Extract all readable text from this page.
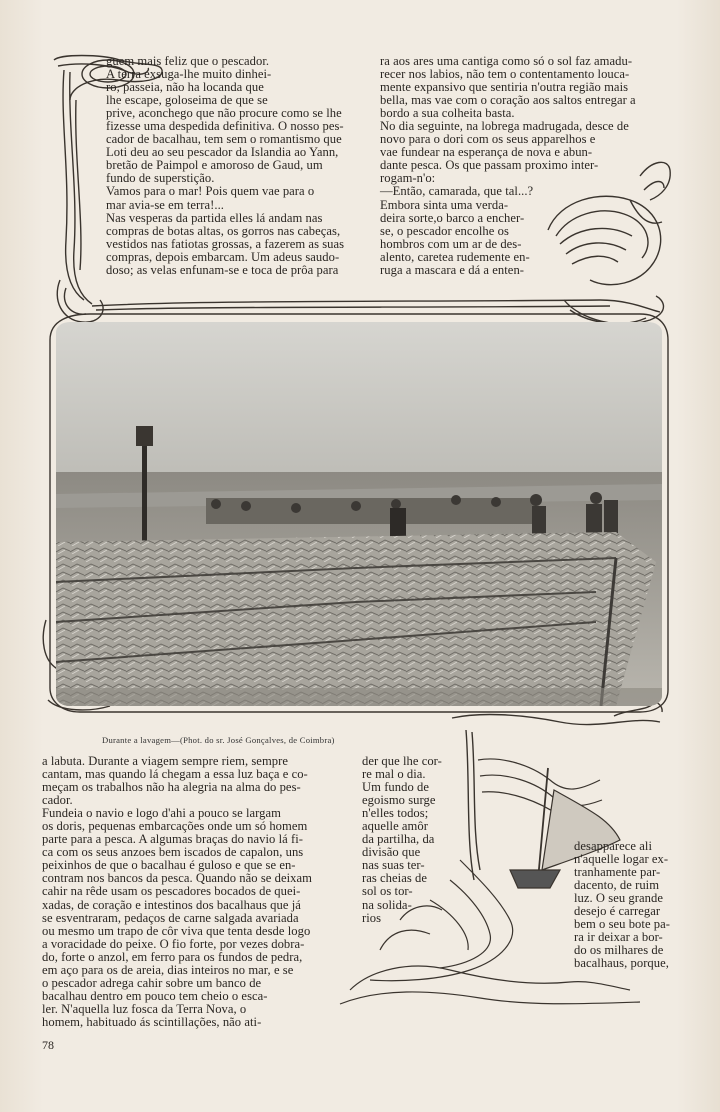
guem mais feliz que o pescador.
A terra exsuga-lhe muito dinhei-
ro, passeia, não ha locanda que
lhe escape, goloseima de que se
prive, aconchego que não procure como se lhe
fizesse uma despedida definitiva. O nosso pes-
cador de bacalhau, tem sem o romantismo que
Loti deu ao seu pescador da Islandia ao Yann,
bretão de Paimpol e amoroso de Gaud, um
fundo de superstição.
Vamos para o mar! Pois quem vae para o
mar avia-se em terra!...
Nas vesperas da partida elles lá andam nas
compras de botas altas, os gorros nas cabeças,
vestidos nas fatiotas grossas, a fazerem as suas
compras, depois embarcam. Um adeus saudo-
doso; as velas enfunam-se e toca de prôa para
ra aos ares uma cantiga como só o sol faz amadu-
recer nos labios, não tem o contentamento louca-
mente expansivo que sentiria n'outra região mais
bella, mas vae com o coração aos saltos entregar a
bordo a sua colheita basta.
No dia seguinte, na lobrega madrugada, desce de
novo para o dori com os seus apparelhos e
vae fundear na esperança de nova e abun-
dante pesca. Os que passam proximo inter-
rogam-n'o:
—Então, camarada, que tal...?
Embora sinta uma verda-
deira sorte,o barco a encher-
se, o pescador encolhe os
hombros com um ar de des-
alento, caretea rudemente en-
ruga a mascara e dá a enten-
Durante a lavagem—(Phot. do sr. José Gonçalves, de Coimbra)
a labuta. Durante a viagem sempre riem, sempre
cantam, mas quando lá chegam a essa luz baça e co-
meçam os trabalhos não ha alegria na alma do pes-
cador.
Fundeia o navio e logo d'ahi a pouco se largam
os doris, pequenas embarcações onde um só homem
parte para a pesca. A algumas braças do navio lá fi-
ca com os seus anzoes bem iscados de capalon, uns
peixinhos de que o bacalhau é guloso e que se en-
contram nos bancos da pesca. Quando não se deixam
cahir na rêde usam os pescadores bocados de quei-
xadas, de coração e intestinos dos bacalhaus que já
se esventraram, pedaços de carne salgada avariada
ou mesmo um trapo de côr viva que tenta desde logo
a voracidade do peixe. O fio forte, por vezes dobra-
do, forte o anzol, em ferro para os fundos de pedra,
em aço para os de areia, dias inteiros no mar, e se
o pescador adrega cahir sobre um banco de
bacalhau dentro em pouco tem cheio o esca-
ler. N'aquella luz fosca da Terra Nova, o
homem, habituado ás scintillações, não ati-
der que lhe cor-
re mal o dia.
Um fundo de
egoismo surge
n'elles todos;
aquelle amôr
da partilha, da
divisão que
nas suas ter-
ras cheias de
sol os tor-
na solida-
rios
desapparece ali
n'aquelle logar ex-
tranhamente par-
dacento, de ruim
luz. O seu grande
desejo é carregar
bem o seu bote pa-
ra ir deixar a bor-
do os milhares de
bacalhaus, porque,
78
